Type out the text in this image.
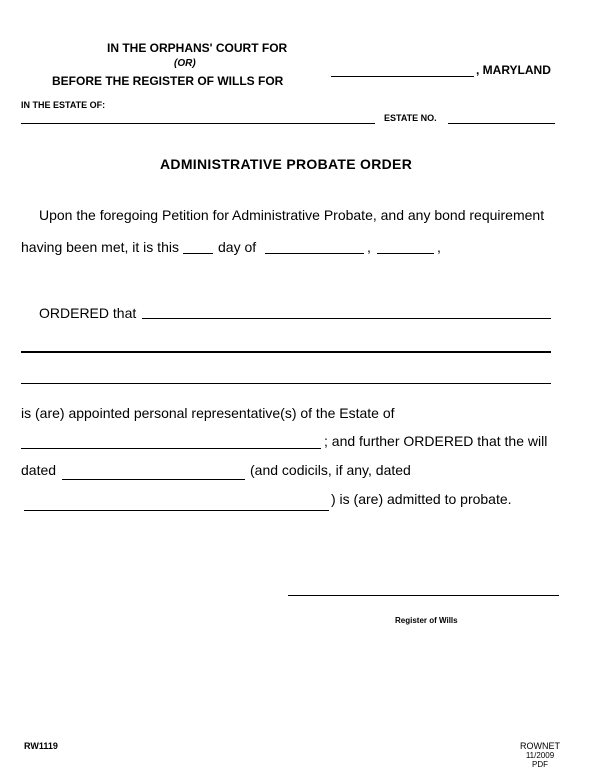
IN THE ORPHANS' COURT FOR
(OR)
BEFORE THE REGISTER OF WILLS FOR
, MARYLAND
IN THE ESTATE OF:
ESTATE NO.
ADMINISTRATIVE PROBATE ORDER
Upon the foregoing Petition for Administrative Probate, and any bond requirement
having been met, it is this	day of	,	,
ORDERED that
is (are) appointed personal representative(s) of the Estate of
; and further ORDERED that the will
dated	(and codicils, if any, dated
) is (are) admitted to probate.
Register of Wills
RW1119	ROWNET
11/2009
PDF
